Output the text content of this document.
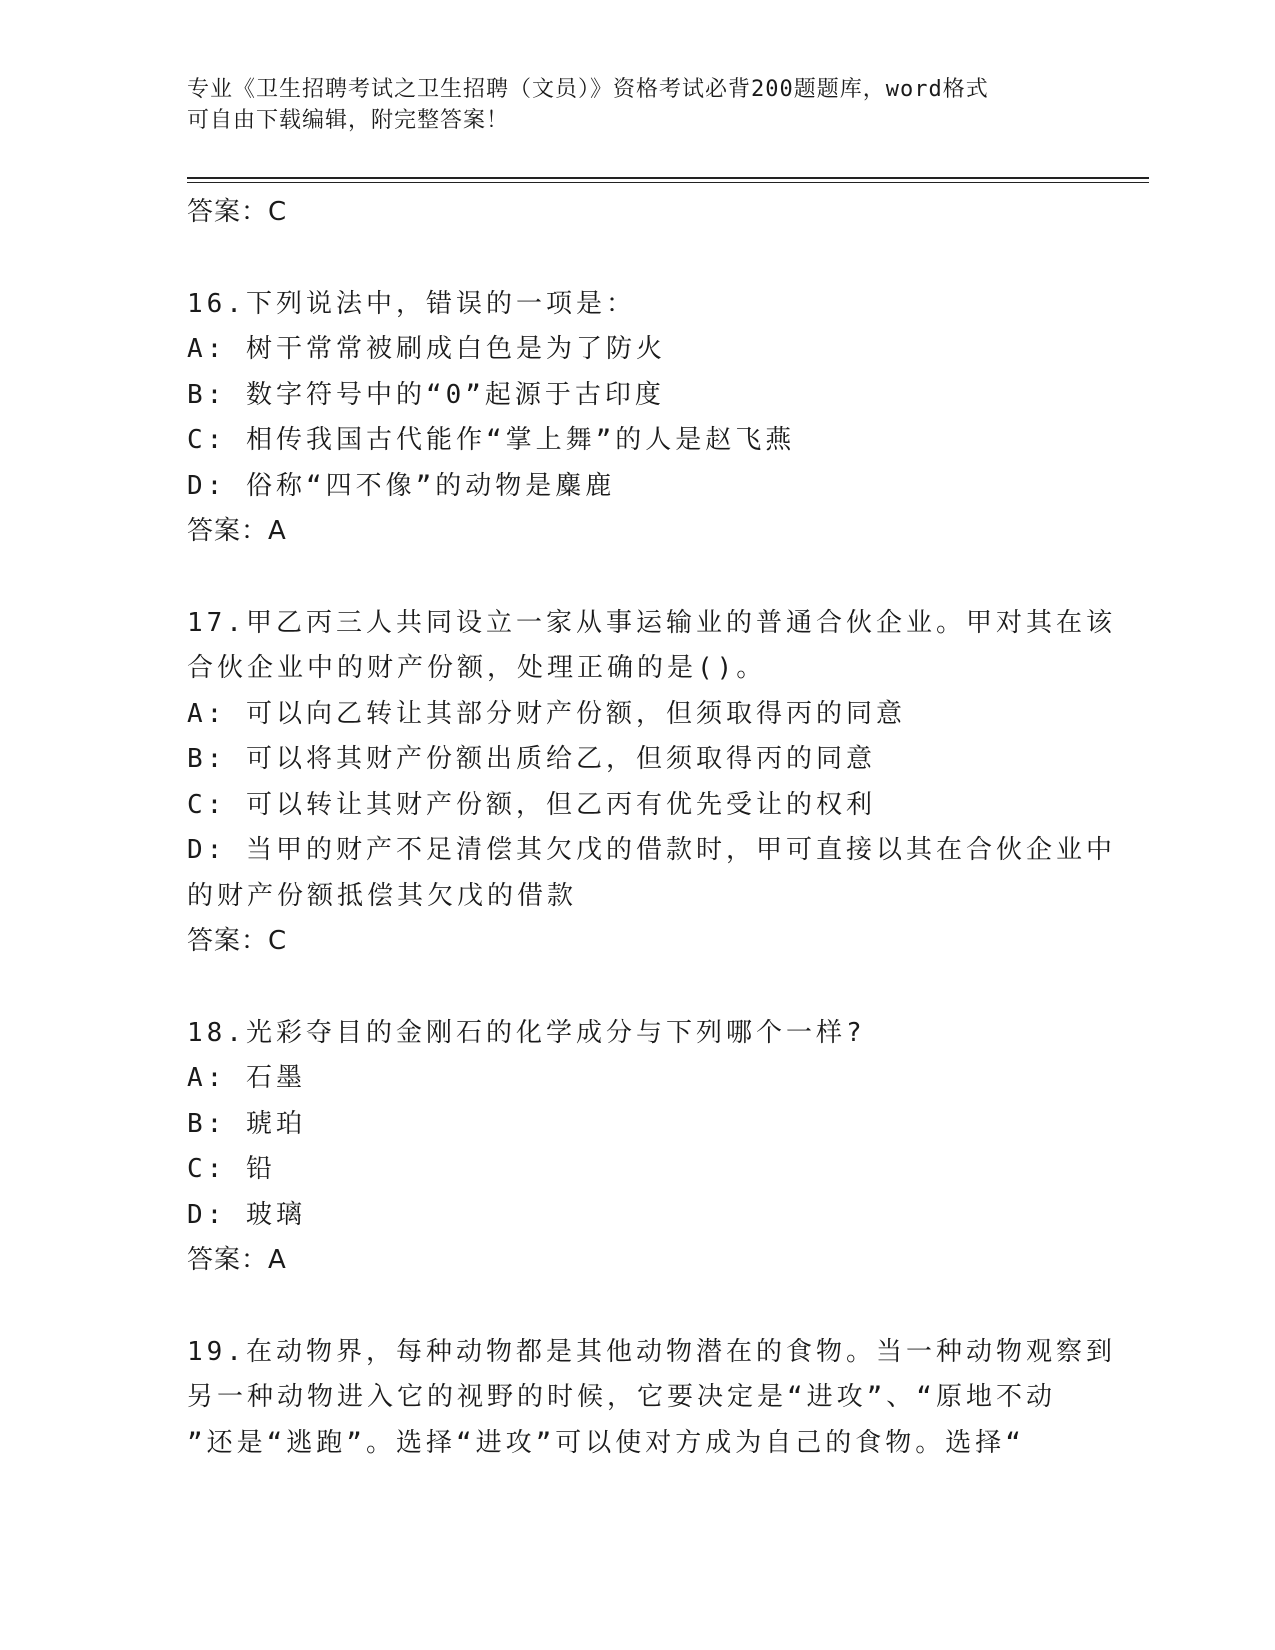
专业《卫生招聘考试之卫生招聘（文员）》资格考试必背200题题库，word格式
可自由下载编辑，附完整答案！
答案：C
16.下列说法中，错误的一项是：
A: 树干常常被刷成白色是为了防火
B: 数字符号中的“0”起源于古印度
C: 相传我国古代能作“掌上舞”的人是赵飞燕
D: 俗称“四不像”的动物是麋鹿
答案：A
17.甲乙丙三人共同设立一家从事运输业的普通合伙企业。甲对其在该
合伙企业中的财产份额，处理正确的是()。
A: 可以向乙转让其部分财产份额，但须取得丙的同意
B: 可以将其财产份额出质给乙，但须取得丙的同意
C: 可以转让其财产份额，但乙丙有优先受让的权利
D: 当甲的财产不足清偿其欠戊的借款时，甲可直接以其在合伙企业中
的财产份额抵偿其欠戊的借款
答案：C
18.光彩夺目的金刚石的化学成分与下列哪个一样?
A: 石墨
B: 琥珀
C: 铅
D: 玻璃
答案：A
19.在动物界，每种动物都是其他动物潜在的食物。当一种动物观察到
另一种动物进入它的视野的时候，它要决定是“进攻”、“原地不动
”还是“逃跑”。选择“进攻”可以使对方成为自己的食物。选择“
